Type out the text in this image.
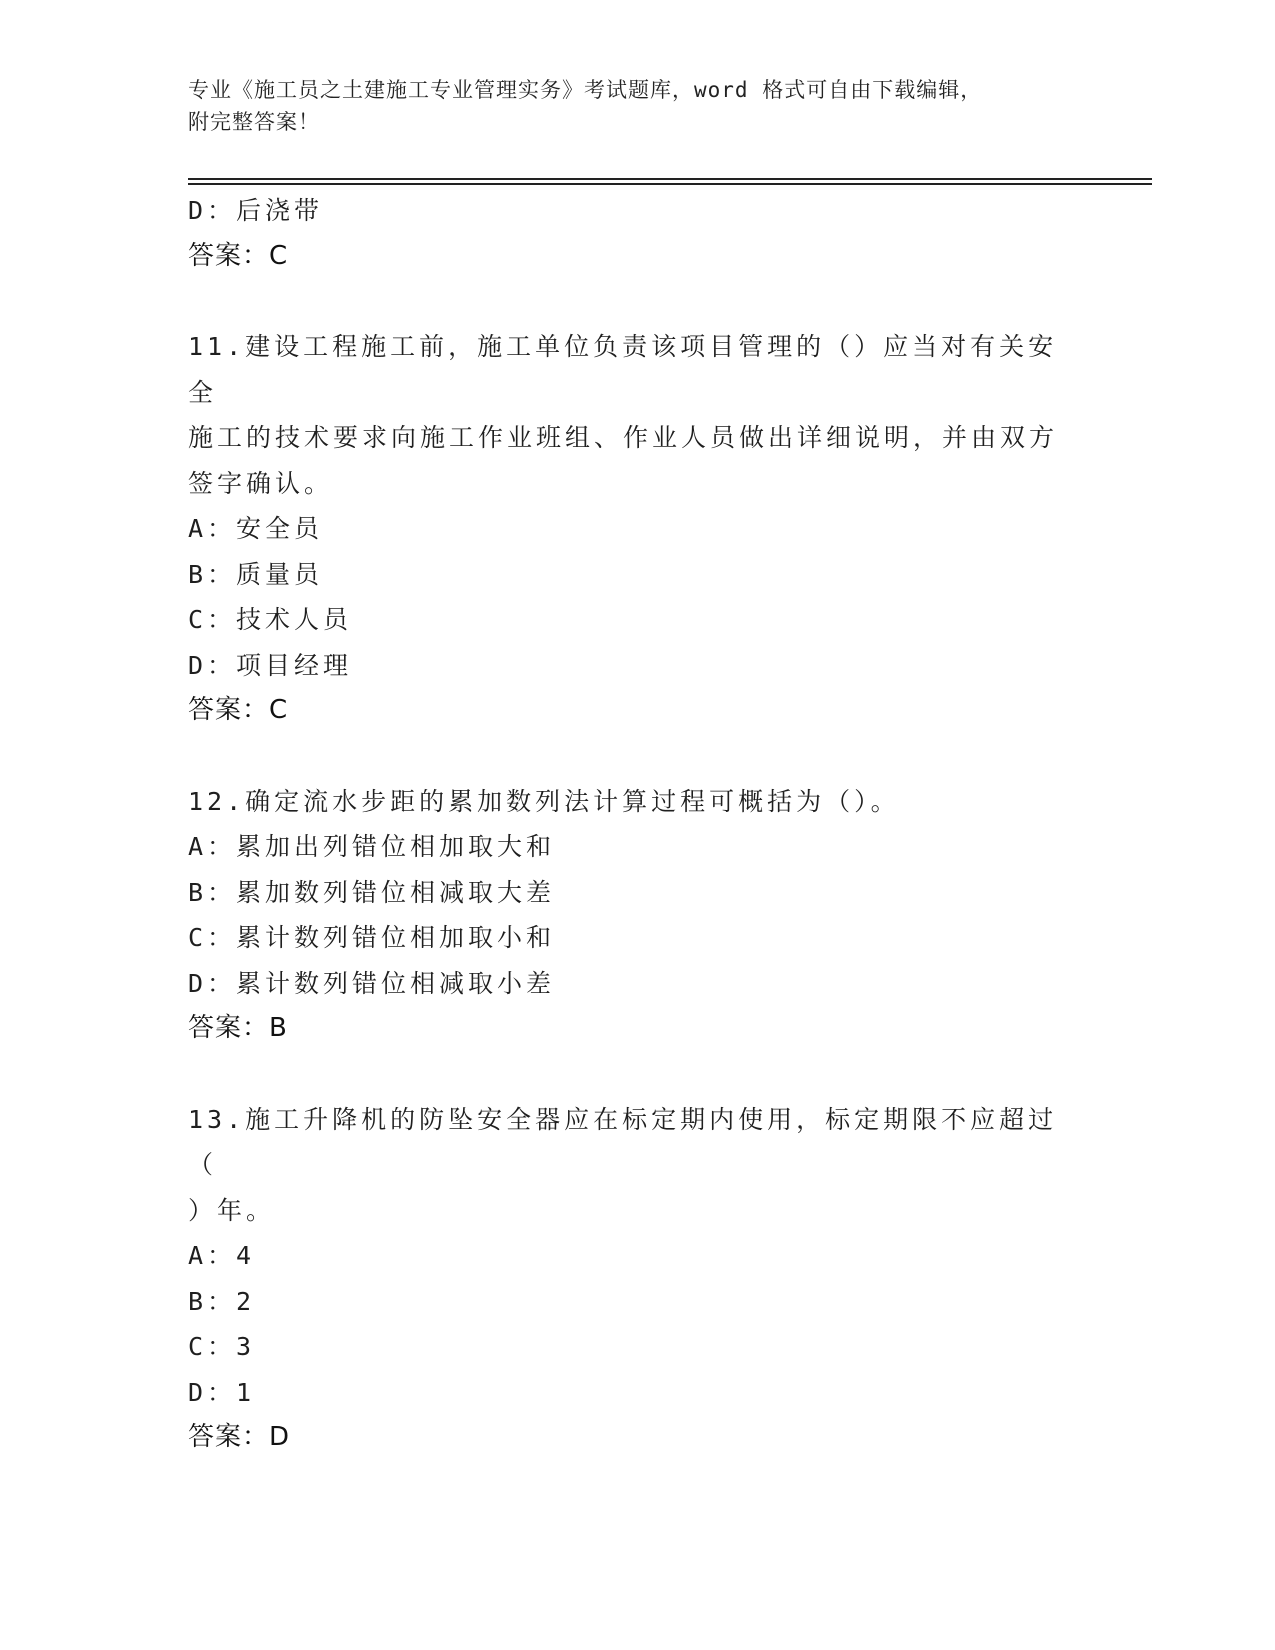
专业《施工员之土建施工专业管理实务》考试题库，word 格式可自由下载编辑，
附完整答案！
D：后浇带
答案：C
11.建设工程施工前，施工单位负责该项目管理的（）应当对有关安全
施工的技术要求向施工作业班组、作业人员做出详细说明，并由双方
签字确认。
A：安全员
B：质量员
C：技术人员
D：项目经理
答案：C
12.确定流水步距的累加数列法计算过程可概括为（）。
A：累加出列错位相加取大和
B：累加数列错位相减取大差
C：累计数列错位相加取小和
D：累计数列错位相减取小差
答案：B
13.施工升降机的防坠安全器应在标定期内使用，标定期限不应超过（
）年。
A：4
B：2
C：3
D：1
答案：D
